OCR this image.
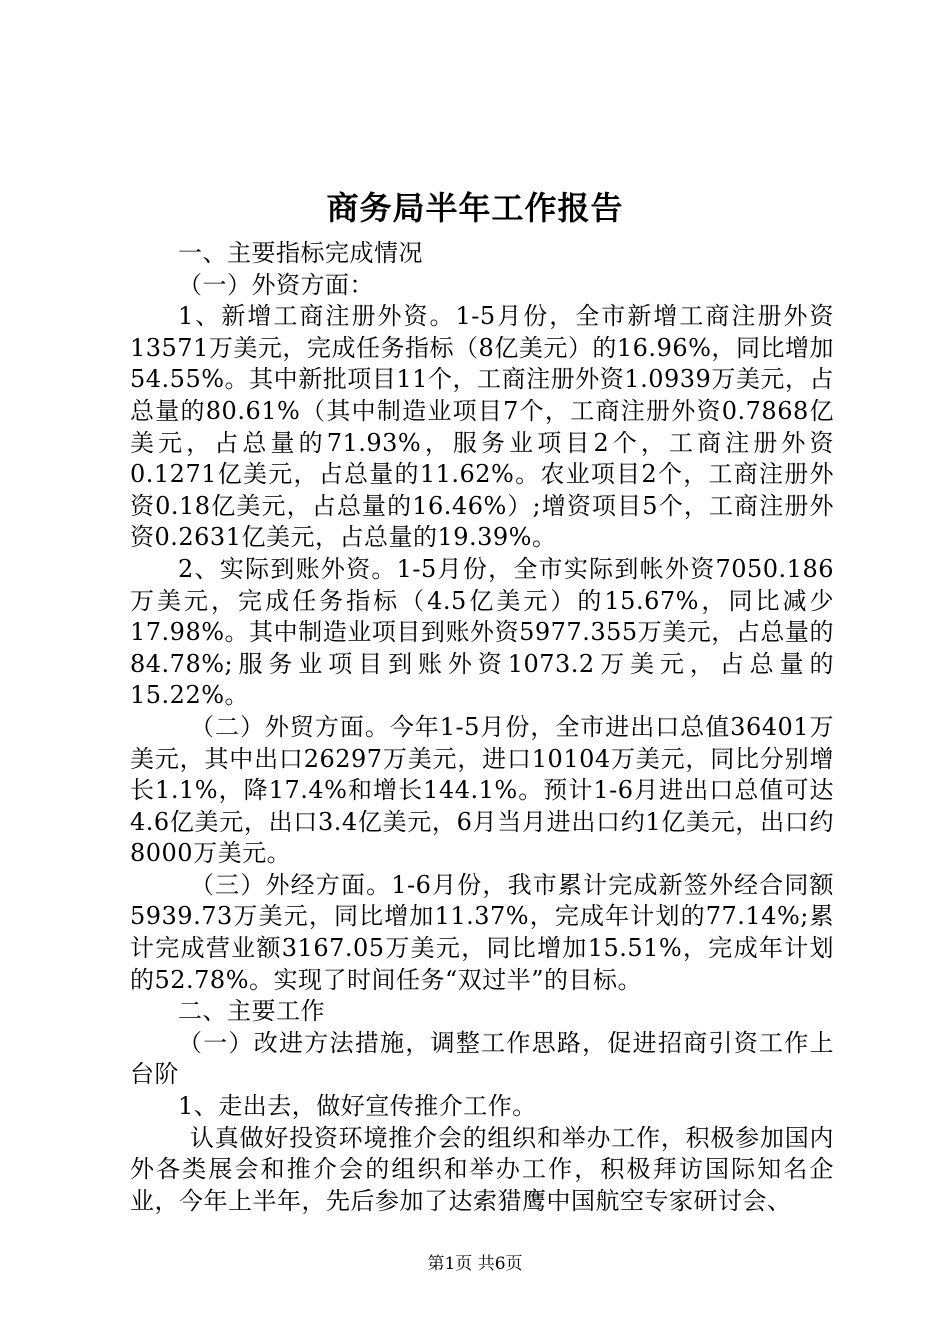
商务局半年工作报告

一、主要指标完成情况

（一）外资方面：

1、新增工商注册外资。1-5月份，全市新增工商注册外资13571万美元，完成任务指标（8亿美元）的16.96%，同比增加54.55%。其中新批项目11个，工商注册外资1.0939万美元，占总量的80.61%（其中制造业项目7个，工商注册外资0.7868亿美元，占总量的71.93%，服务业项目2个，工商注册外资0.1271亿美元，占总量的11.62%。农业项目2个，工商注册外资0.18亿美元，占总量的16.46%）;增资项目5个，工商注册外资0.2631亿美元，占总量的19.39%。

2、实际到账外资。1-5月份，全市实际到帐外资7050.186万美元，完成任务指标（4.5亿美元）的15.67%，同比减少17.98%。其中制造业项目到账外资5977.355万美元，占总量的84.78%;服务业项目到账外资1073.2万美元，占总量的15.22%。

（二）外贸方面。今年1-5月份，全市进出口总值36401万美元，其中出口26297万美元，进口10104万美元，同比分别增长1.1%，降17.4%和增长144.1%。预计1-6月进出口总值可达4.6亿美元，出口3.4亿美元，6月当月进出口约1亿美元，出口约8000万美元。

（三）外经方面。1-6月份，我市累计完成新签外经合同额5939.73万美元，同比增加11.37%，完成年计划的77.14%;累计完成营业额3167.05万美元，同比增加15.51%，完成年计划的52.78%。实现了时间任务“双过半”的目标。

二、主要工作

（一）改进方法措施，调整工作思路，促进招商引资工作上台阶

1、走出去，做好宣传推介工作。

认真做好投资环境推介会的组织和举办工作，积极参加国内外各类展会和推介会的组织和举办工作，积极拜访国际知名企业，今年上半年，先后参加了达索猎鹰中国航空专家研讨会、

第1页 共6页
